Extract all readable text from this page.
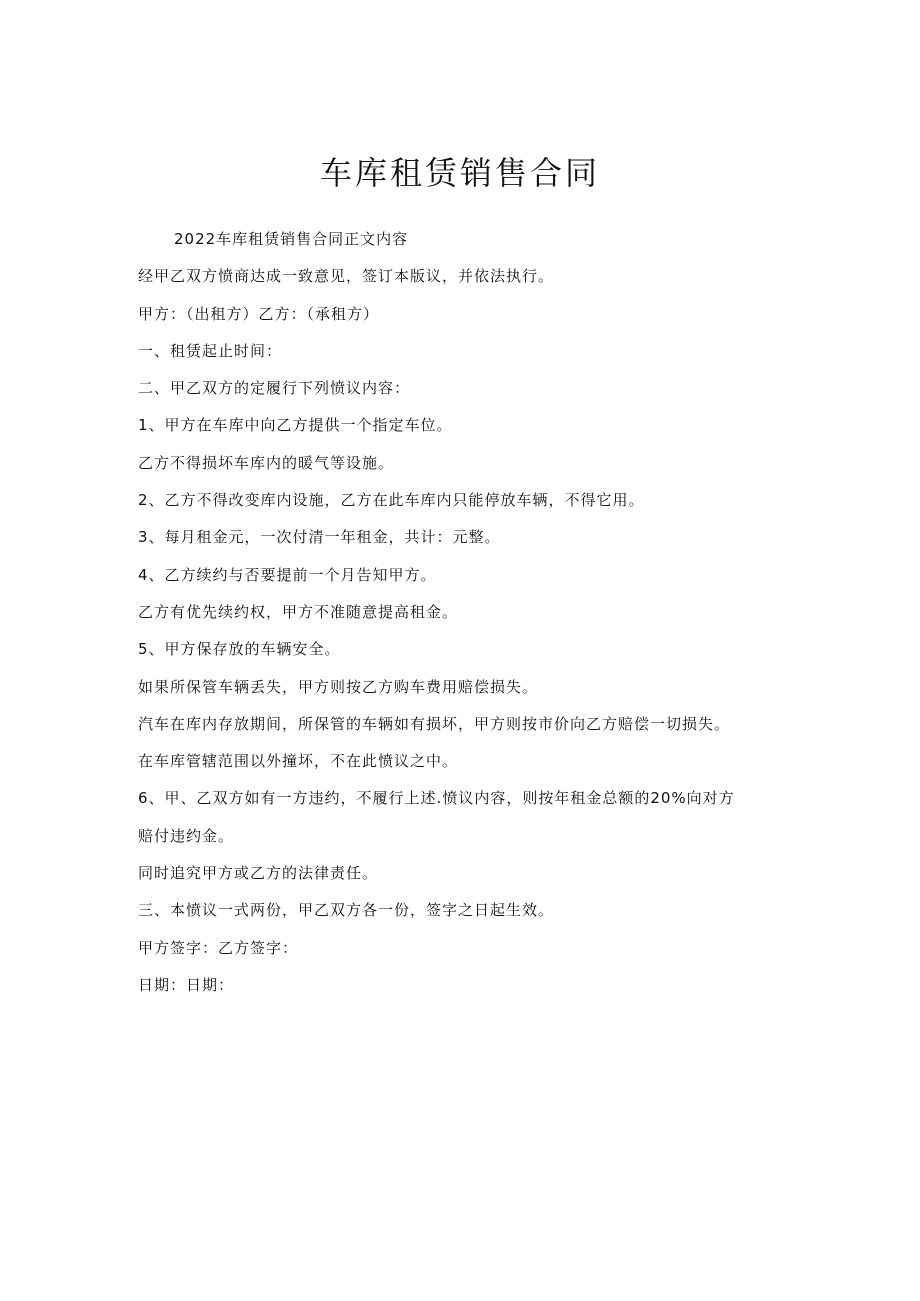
车库租赁销售合同

2022车库租赁销售合同正文内容

经甲乙双方愤商达成一致意见，签订本版议，并依法执行。

甲方：（出租方）乙方：（承租方）

一、租赁起止时间：

二、甲乙双方的定履行下列愤议内容：

1、甲方在车库中向乙方提供一个指定车位。

乙方不得损坏车库内的暖气等设施。

2、乙方不得改变库内设施，乙方在此车库内只能停放车辆，不得它用。

3、每月租金元，一次付清一年租金，共计：元整。

4、乙方续约与否要提前一个月告知甲方。

乙方有优先续约权，甲方不准随意提高租金。

5、甲方保存放的车辆安全。

如果所保管车辆丢失，甲方则按乙方购车费用赔偿损失。

汽车在库内存放期间，所保管的车辆如有损坏，甲方则按市价向乙方赔偿一切损失。

在车库管辖范围以外撞坏，不在此愤议之中。

6、甲、乙双方如有一方违约，不履行上述.愤议内容，则按年租金总额的20%向对方

赔付违约金。

同时追究甲方或乙方的法律责任。

三、本愤议一式两份，甲乙双方各一份，签字之日起生效。

甲方签字：乙方签字：

日期：日期：
